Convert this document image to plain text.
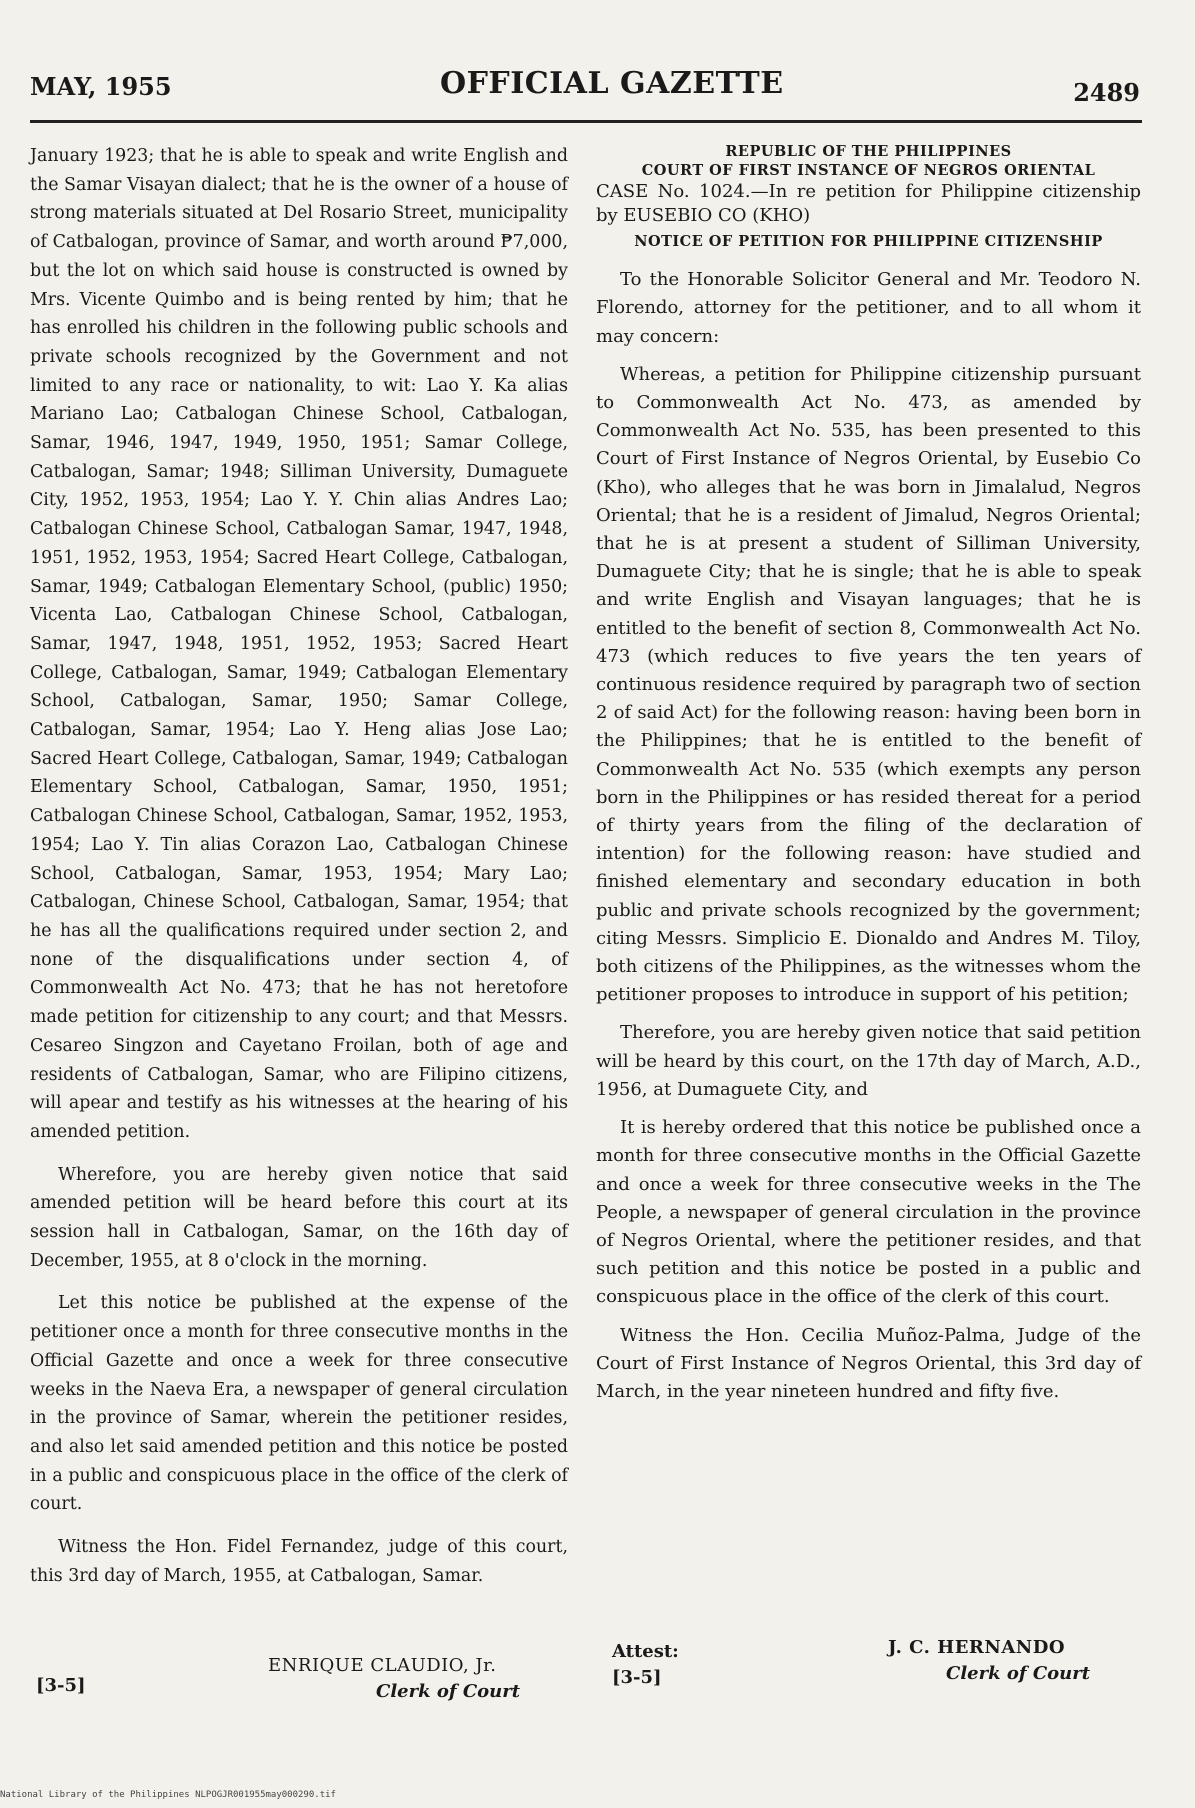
MAY, 1955	OFFICIAL GAZETTE	2489

January 1923; that he is able to speak and write English and the Samar Visayan dialect; that he is the owner of a house of strong materials situated at Del Rosario Street, municipality of Catbalogan, province of Samar, and worth around ₱7,000, but the lot on which said house is constructed is owned by Mrs. Vicente Quimbo and is being rented by him; that he has enrolled his children in the following public schools and private schools recognized by the Government and not limited to any race or nationality, to wit: Lao Y. Ka alias Mariano Lao; Catbalogan Chinese School, Catbalogan, Samar, 1946, 1947, 1949, 1950, 1951; Samar College, Catbalogan, Samar; 1948; Silliman University, Dumaguete City, 1952, 1953, 1954; Lao Y. Y. Chin alias Andres Lao; Catbalogan Chinese School, Catbalogan Samar, 1947, 1948, 1951, 1952, 1953, 1954; Sacred Heart College, Catbalogan, Samar, 1949; Catbalogan Elementary School, (public) 1950; Vicenta Lao, Catbalogan Chinese School, Catbalogan, Samar, 1947, 1948, 1951, 1952, 1953; Sacred Heart College, Catbalogan, Samar, 1949; Catbalogan Elementary School, Catbalogan, Samar, 1950; Samar College, Catbalogan, Samar, 1954; Lao Y. Heng alias Jose Lao; Sacred Heart College, Catbalogan, Samar, 1949; Catbalogan Elementary School, Catbalogan, Samar, 1950, 1951; Catbalogan Chinese School, Catbalogan, Samar, 1952, 1953, 1954; Lao Y. Tin alias Corazon Lao, Catbalogan Chinese School, Catbalogan, Samar, 1953, 1954; Mary Lao; Catbalogan, Chinese School, Catbalogan, Samar, 1954; that he has all the qualifications required under section 2, and none of the disqualifications under section 4, of Commonwealth Act No. 473; that he has not heretofore made petition for citizenship to any court; and that Messrs. Cesareo Singzon and Cayetano Froilan, both of age and residents of Catbalogan, Samar, who are Filipino citizens, will apear and testify as his witnesses at the hearing of his amended petition.

Wherefore, you are hereby given notice that said amended petition will be heard before this court at its session hall in Catbalogan, Samar, on the 16th day of December, 1955, at 8 o'clock in the morning.

Let this notice be published at the expense of the petitioner once a month for three consecutive months in the Official Gazette and once a week for three consecutive weeks in the Naeva Era, a newspaper of general circulation in the province of Samar, wherein the petitioner resides, and also let said amended petition and this notice be posted in a public and conspicuous place in the office of the clerk of court.

Witness the Hon. Fidel Fernandez, judge of this court, this 3rd day of March, 1955, at Catbalogan, Samar.

[3-5]
ENRIQUE CLAUDIO, Jr.
Clerk of Court

REPUBLIC OF THE PHILIPPINES

COURT OF FIRST INSTANCE OF NEGROS ORIENTAL

CASE No. 1024.—In re petition for Philippine citizenship by EUSEBIO CO (KHO)

NOTICE OF PETITION FOR PHILIPPINE CITIZENSHIP

To the Honorable Solicitor General and Mr. Teodoro N. Florendo, attorney for the petitioner, and to all whom it may concern:

Whereas, a petition for Philippine citizenship pursuant to Commonwealth Act No. 473, as amended by Commonwealth Act No. 535, has been presented to this Court of First Instance of Negros Oriental, by Eusebio Co (Kho), who alleges that he was born in Jimalalud, Negros Oriental; that he is a resident of Jimalud, Negros Oriental; that he is at present a student of Silliman University, Dumaguete City; that he is single; that he is able to speak and write English and Visayan languages; that he is entitled to the benefit of section 8, Commonwealth Act No. 473 (which reduces to five years the ten years of continuous residence required by paragraph two of section 2 of said Act) for the following reason: having been born in the Philippines; that he is entitled to the benefit of Commonwealth Act No. 535 (which exempts any person born in the Philippines or has resided thereat for a period of thirty years from the filing of the declaration of intention) for the following reason: have studied and finished elementary and secondary education in both public and private schools recognized by the government; citing Messrs. Simplicio E. Dionaldo and Andres M. Tiloy, both citizens of the Philippines, as the witnesses whom the petitioner proposes to introduce in support of his petition;

Therefore, you are hereby given notice that said petition will be heard by this court, on the 17th day of March, A.D., 1956, at Dumaguete City, and

It is hereby ordered that this notice be published once a month for three consecutive months in the Official Gazette and once a week for three consecutive weeks in the The People, a newspaper of general circulation in the province of Negros Oriental, where the petitioner resides, and that such petition and this notice be posted in a public and conspicuous place in the office of the clerk of this court.

Witness the Hon. Cecilia Muñoz-Palma, Judge of the Court of First Instance of Negros Oriental, this 3rd day of March, in the year nineteen hundred and fifty five.

Attest:
[3-5]
J. C. HERNANDO
Clerk of Court
National Library of the Philippines NLPOGJR001955may000290.tif
